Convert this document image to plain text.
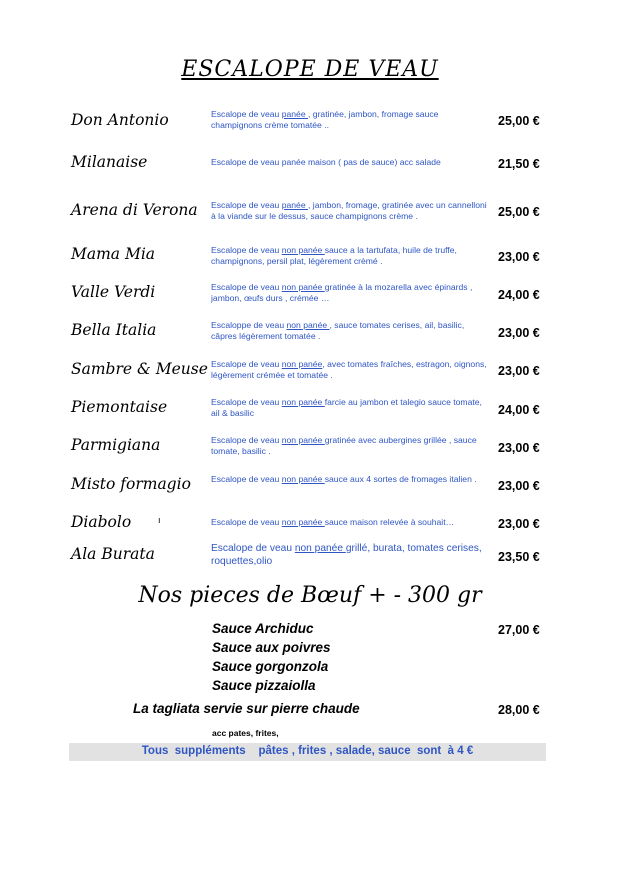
ESCALOPE DE VEAU
Don Antonio	Escalope de veau panée , gratinée, jambon, fromage sauce champignons crème tomatée ..	25,00 €
Milanaise	Escalope de veau panée maison ( pas de sauce) acc salade	21,50 €
Arena di Verona Escalope de veau panée , jambon, fromage, gratinée avec un cannelloni à la viande sur le dessus, sauce champignons crème .	25,00 €
Mama Mia	Escalope de veau non panée sauce a la tartufata, huile de truffe, champignons, persil plat, légèrement crèmé .	23,00 €
Valle Verdi	Escalope de veau non panée gratinée à la mozarella avec épinards , jambon, œufs durs , crémée …	24,00 €
Bella Italia	Escaloppe de veau non panée , sauce tomates cerises, ail, basilic, câpres légèrement tomatée .	23,00 €
Sambre & Meuse Escalope de veau non panée, avec tomates fraîches, estragon, oignons, légèrement crémée et tomatée .	23,00 €
Piemontaise	Escalope de veau non panée farcie au jambon et talegio sauce tomate, ail & basilic	24,00 €
Parmigiana	Escalope de veau non panée gratinée avec aubergines grillée , sauce tomate, basilic .	23,00 €
Misto formagio Escalope de veau non panée sauce aux 4 sortes de fromages italien .	23,00 €
Diabolo	ı	Escalope de veau non panée sauce maison relevée à souhait…	23,00 €
Ala Burata	Escalope de veau non panée grillé, burata, tomates cerises, roquettes,olio	23,50 €
Nos pieces de Bœuf + - 300 gr
Sauce Archiduc	27,00 €
Sauce aux poivres
Sauce gorgonzola
Sauce pizzaiolla
La tagliata servie sur pierre chaude	28,00 €
acc pates, frites,
Tous  suppléments    pâtes , frites , salade, sauce  sont  à 4 €
